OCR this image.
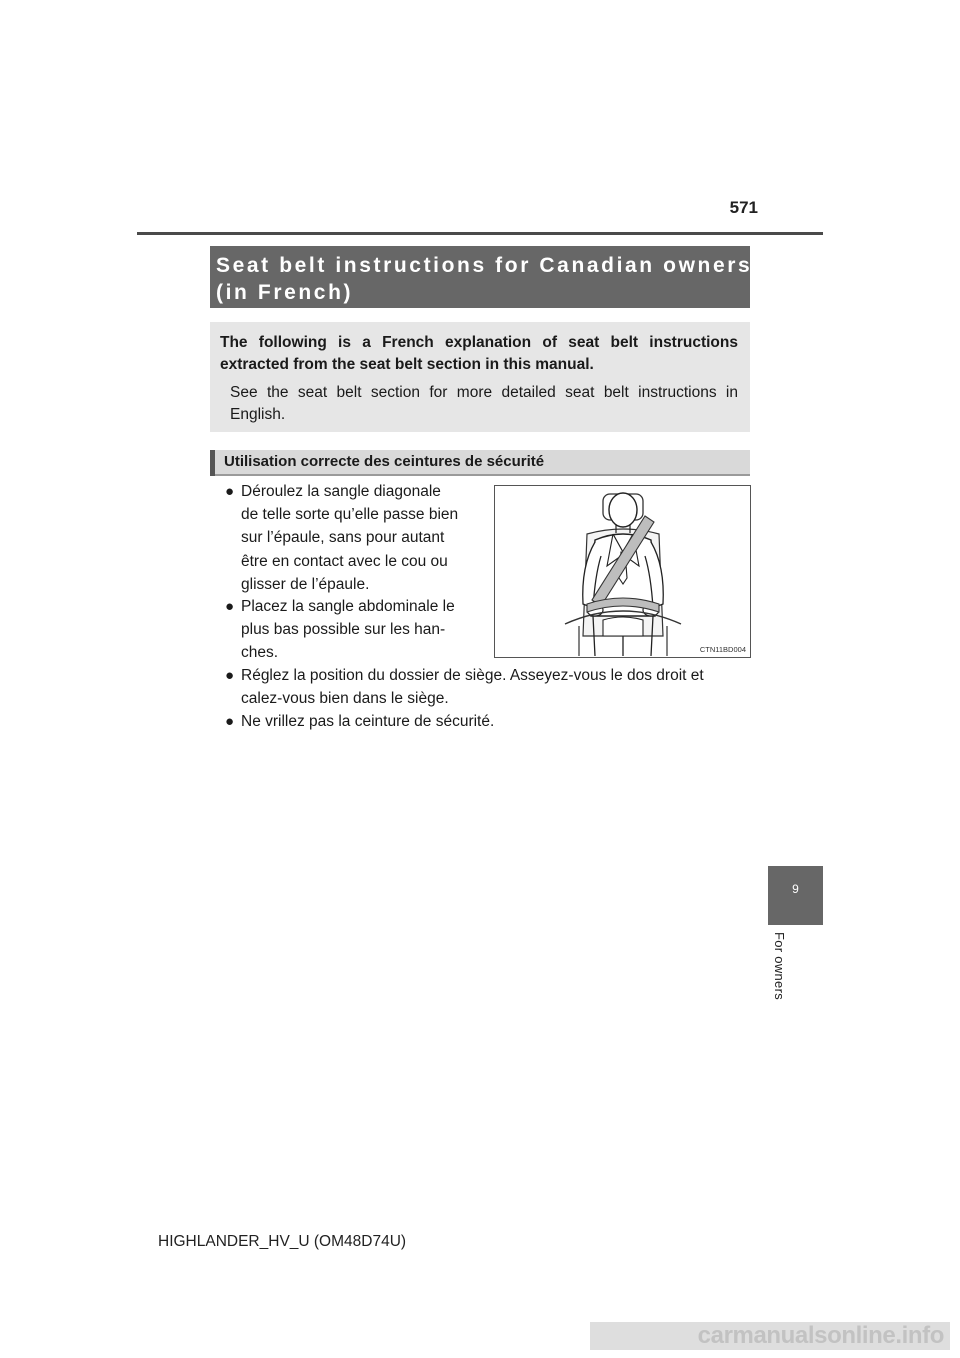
571
Seat belt instructions for Canadian owners
(in French)
The following is a French explanation of seat belt instructions extracted from the seat belt section in this manual.
See the seat belt section for more detailed seat belt instructions in English.
Utilisation correcte des ceintures de sécurité
● Déroulez la sangle diagonale
de telle sorte qu’elle passe bien
sur l’épaule, sans pour autant
être en contact avec le cou ou
glisser de l’épaule.
● Placez la sangle abdominale le
plus bas possible sur les han-
ches.
● Réglez la position du dossier de siège. Asseyez-vous le dos droit et
calez-vous bien dans le siège.
● Ne vrillez pas la ceinture de sécurité.
CTN11BD004
9
For owners
HIGHLANDER_HV_U (OM48D74U)
carmanualsonline.info
